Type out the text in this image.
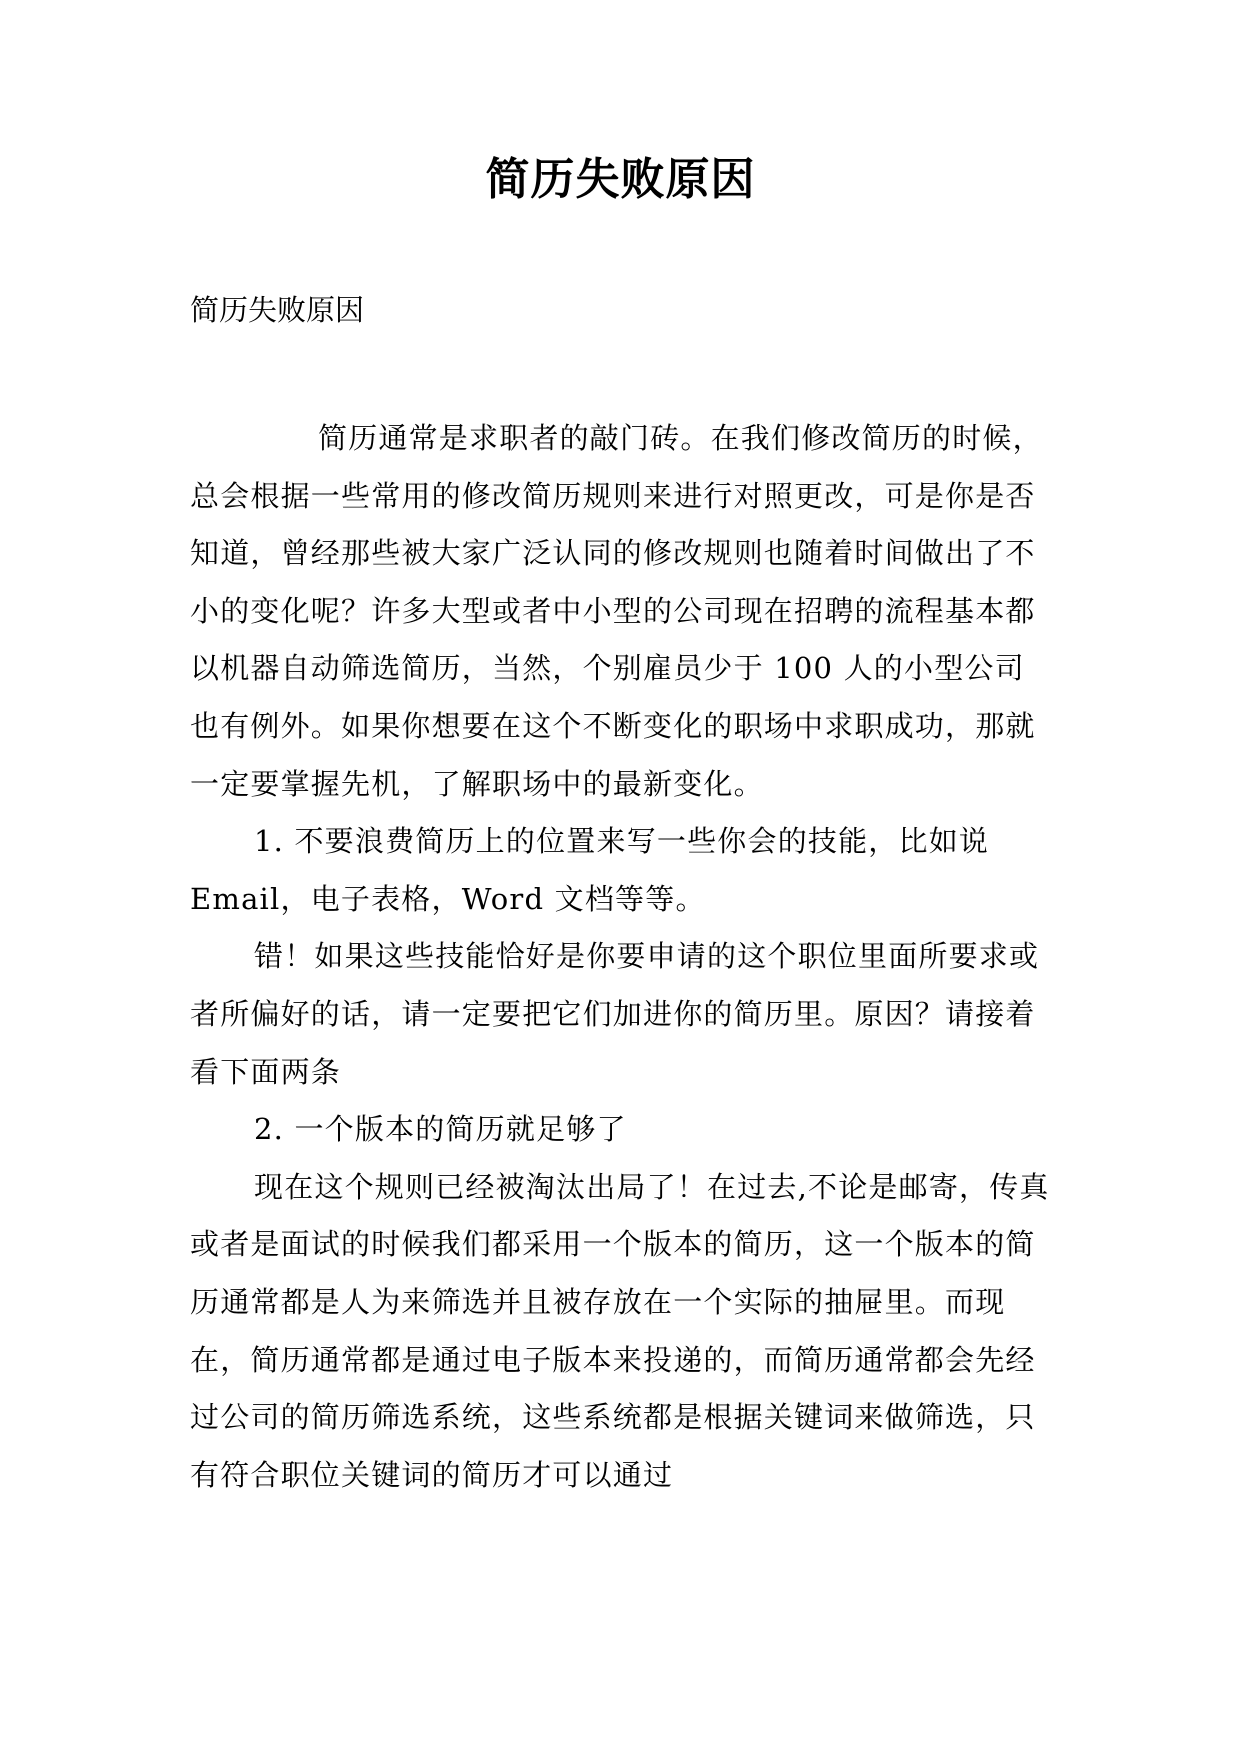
简历失败原因
简历失败原因

简历通常是求职者的敲门砖。在我们修改简历的时候，总会根据一些常用的修改简历规则来进行对照更改，可是你是否知道，曾经那些被大家广泛认同的修改规则也随着时间做出了不小的变化呢？许多大型或者中小型的公司现在招聘的流程基本都以机器自动筛选简历，当然，个别雇员少于 100 人的小型公司也有例外。如果你想要在这个不断变化的职场中求职成功，那就一定要掌握先机，了解职场中的最新变化。

1. 不要浪费简历上的位置来写一些你会的技能，比如说 Email，电子表格，Word 文档等等。

错！如果这些技能恰好是你要申请的这个职位里面所要求或者所偏好的话，请一定要把它们加进你的简历里。原因？请接着看下面两条

2. 一个版本的简历就足够了

现在这个规则已经被淘汰出局了！在过去,不论是邮寄，传真或者是面试的时候我们都采用一个版本的简历，这一个版本的简历通常都是人为来筛选并且被存放在一个实际的抽屉里。而现在，简历通常都是通过电子版本来投递的，而简历通常都会先经过公司的简历筛选系统，这些系统都是根据关键词来做筛选，只有符合职位关键词的简历才可以通过
